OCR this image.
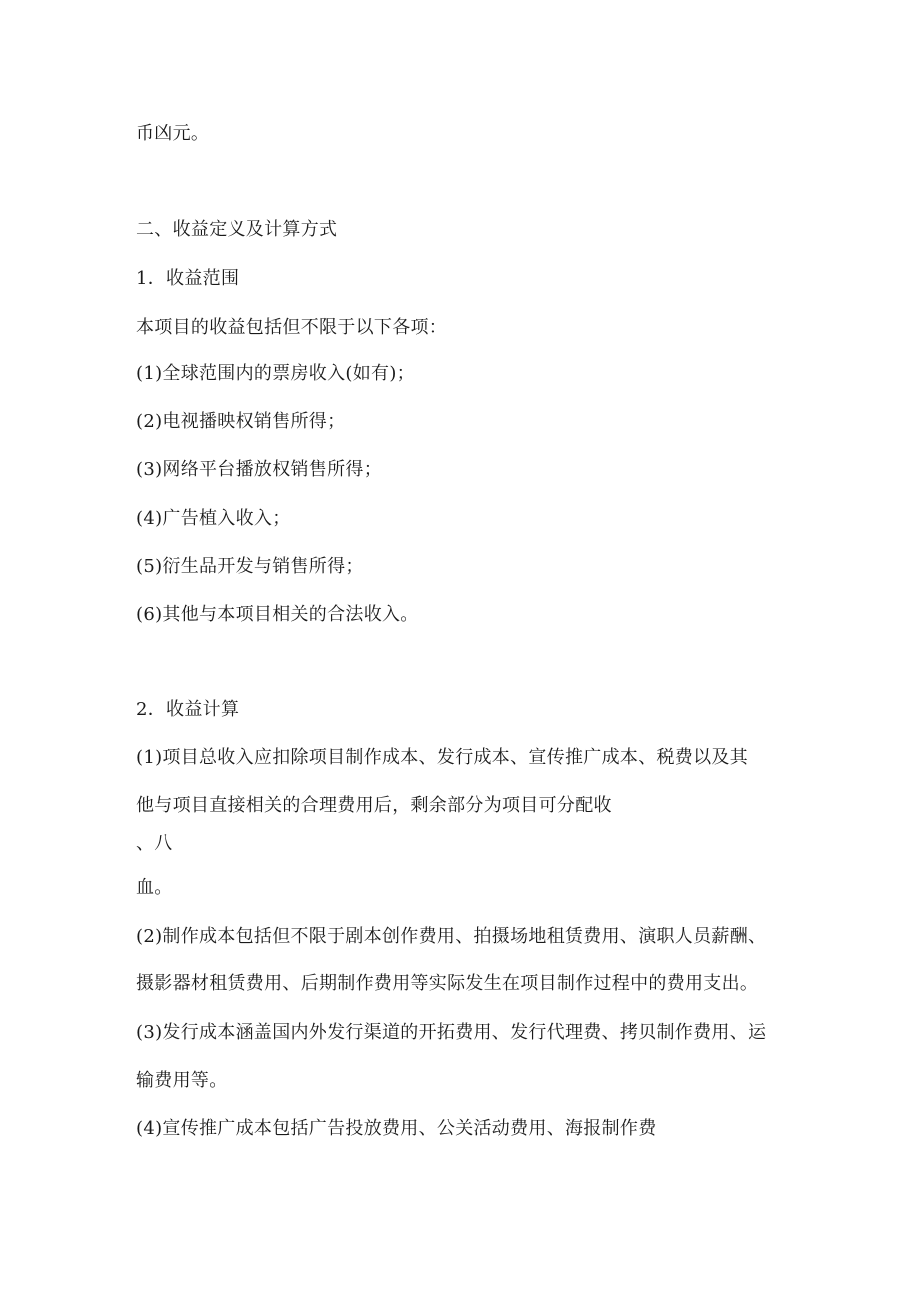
币凶元。
二、收益定义及计算方式
1．收益范围
本项目的收益包括但不限于以下各项：
(1)全球范围内的票房收入(如有)；
(2)电视播映权销售所得；
(3)网络平台播放权销售所得；
(4)广告植入收入；
(5)衍生品开发与销售所得；
(6)其他与本项目相关的合法收入。
2．收益计算
(1)项目总收入应扣除项目制作成本、发行成本、宣传推广成本、税费以及其
他与项目直接相关的合理费用后，剩余部分为项目可分配收
、八
血。
(2)制作成本包括但不限于剧本创作费用、拍摄场地租赁费用、演职人员薪酬、
摄影器材租赁费用、后期制作费用等实际发生在项目制作过程中的费用支出。
(3)发行成本涵盖国内外发行渠道的开拓费用、发行代理费、拷贝制作费用、运
输费用等。
(4)宣传推广成本包括广告投放费用、公关活动费用、海报制作费
